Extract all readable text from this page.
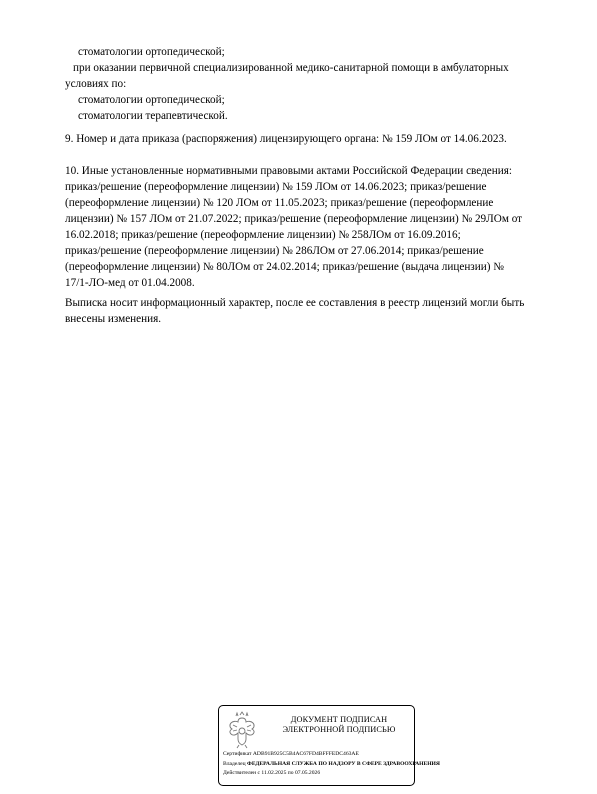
стоматологии ортопедической;
при оказании первичной специализированной медико-санитарной помощи в амбулаторных
условиях по:
стоматологии ортопедической;
стоматологии терапевтической.
9. Номер и дата приказа (распоряжения) лицензирующего органа: № 159 ЛОм от 14.06.2023.
10. Иные установленные нормативными правовыми актами Российской Федерации сведения:
приказ/решение (переоформление лицензии) № 159 ЛОм от 14.06.2023; приказ/решение
(переоформление лицензии) № 120 ЛОм от 11.05.2023; приказ/решение (переоформление
лицензии) № 157 ЛОм от 21.07.2022; приказ/решение (переоформление лицензии) № 29ЛОм от
16.02.2018; приказ/решение (переоформление лицензии) № 258ЛОм от 16.09.2016;
приказ/решение (переоформление лицензии) № 286ЛОм от 27.06.2014; приказ/решение
(переоформление лицензии) № 80ЛОм от 24.02.2014; приказ/решение (выдача лицензии) №
17/1-ЛО-мед от 01.04.2008.
Выписка носит информационный характер, после ее составления в реестр лицензий могли быть
внесены изменения.
ДОКУМЕНТ ПОДПИСАН
ЭЛЕКТРОННОЙ ПОДПИСЬЮ
Сертификат ADB91B925C5B4AC67FD4BFFFEDC463AE
Владелец ФЕДЕРАЛЬНАЯ СЛУЖБА ПО НАДЗОРУ В СФЕРЕ ЗДРАВООХРАНЕНИЯ
Действителен с 11.02.2025 по 07.05.2026
